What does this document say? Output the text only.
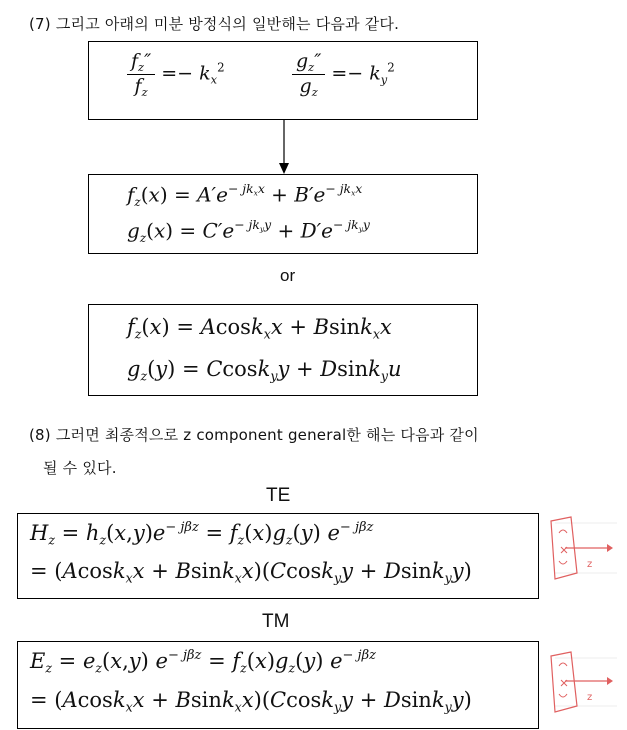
(7) 그리고 아래의 미분 방정식의 일반해는 다음과 같다.
$\frac{f_z''}{f_z} =- k_x^2$	$\frac{g_z''}{g_z} =- k_y^2$
$f_z(x) = A'e^{- jk_xx} + B'e^{- jk_xx}$
$g_z(x) = C'e^{- jk_yy} + D'e^{- jk_yy}$
or
$f_z(x) = Acosk_xx + Bsink_xx$
$g_z(y) = Ccosk_yy + Dsink_yu$
(8) 그러면 최종적으로 z component general한 해는 다음과 같이
될 수 있다.
TE
$H_z = h_z(x,y)e^{- j\beta z} = f_z(x)g_z(y)$ $e^{- j\beta z}$
= (Acosk$_x$x + Bsink$_x$x)(Ccosk$_y$y + Dsink$_y$y)	z
TM
$E_z = e_z(x,y) e^{- j\beta z} = f_z(x)g_z(y)$ $e^{- j\beta z}$
= (Acosk$_x$x + Bsink$_x$x)(Ccosk$_y$y + Dsink$_y$y)	z
